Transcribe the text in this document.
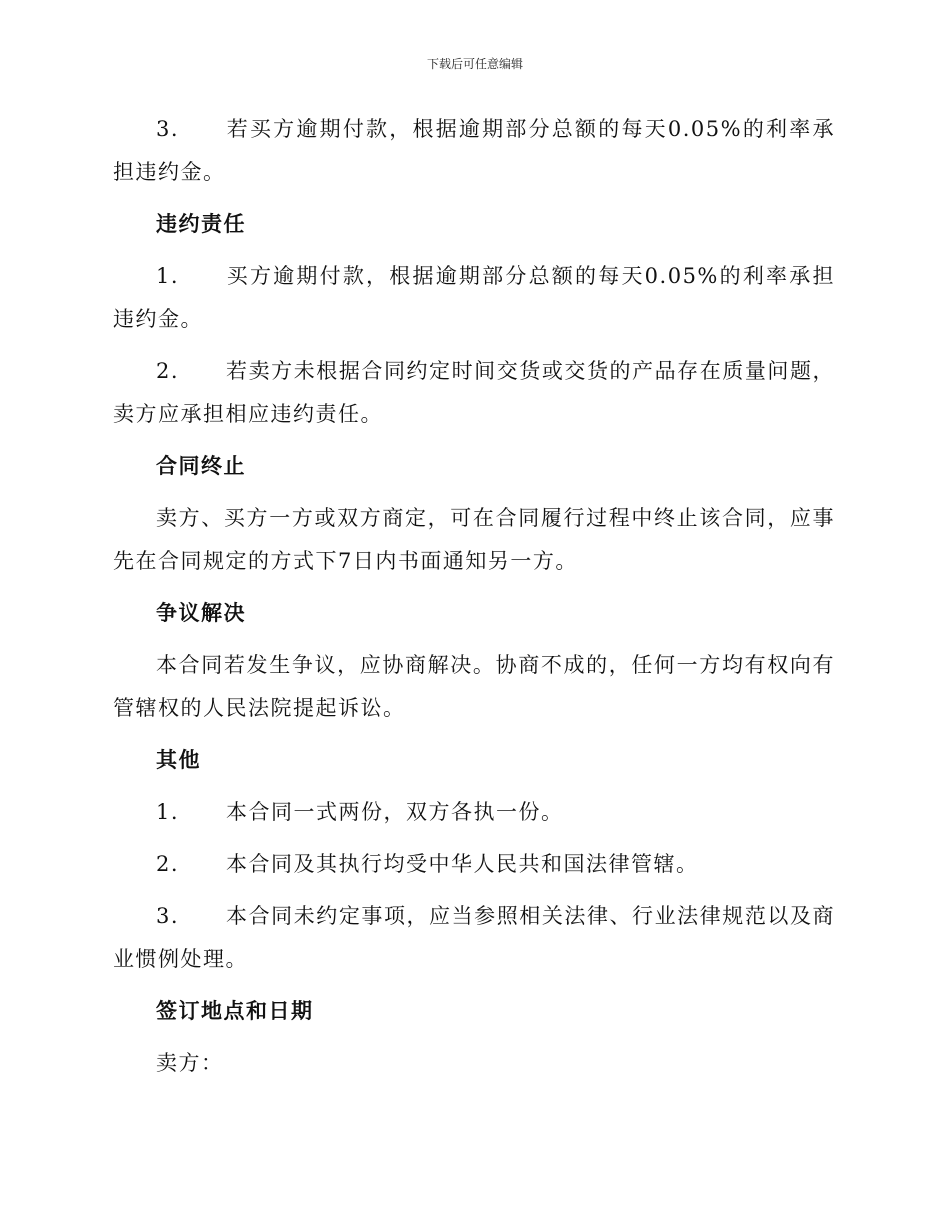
下载后可任意编辑

3. 若买方逾期付款，根据逾期部分总额的每天0.05%的利率承担违约金。

违约责任

1. 买方逾期付款，根据逾期部分总额的每天0.05%的利率承担违约金。

2. 若卖方未根据合同约定时间交货或交货的产品存在质量问题，卖方应承担相应违约责任。

合同终止

卖方、买方一方或双方商定，可在合同履行过程中终止该合同，应事先在合同规定的方式下7日内书面通知另一方。

争议解决

本合同若发生争议，应协商解决。协商不成的，任何一方均有权向有管辖权的人民法院提起诉讼。

其他

1. 本合同一式两份，双方各执一份。

2. 本合同及其执行均受中华人民共和国法律管辖。

3. 本合同未约定事项，应当参照相关法律、行业法律规范以及商业惯例处理。

签订地点和日期

卖方：
